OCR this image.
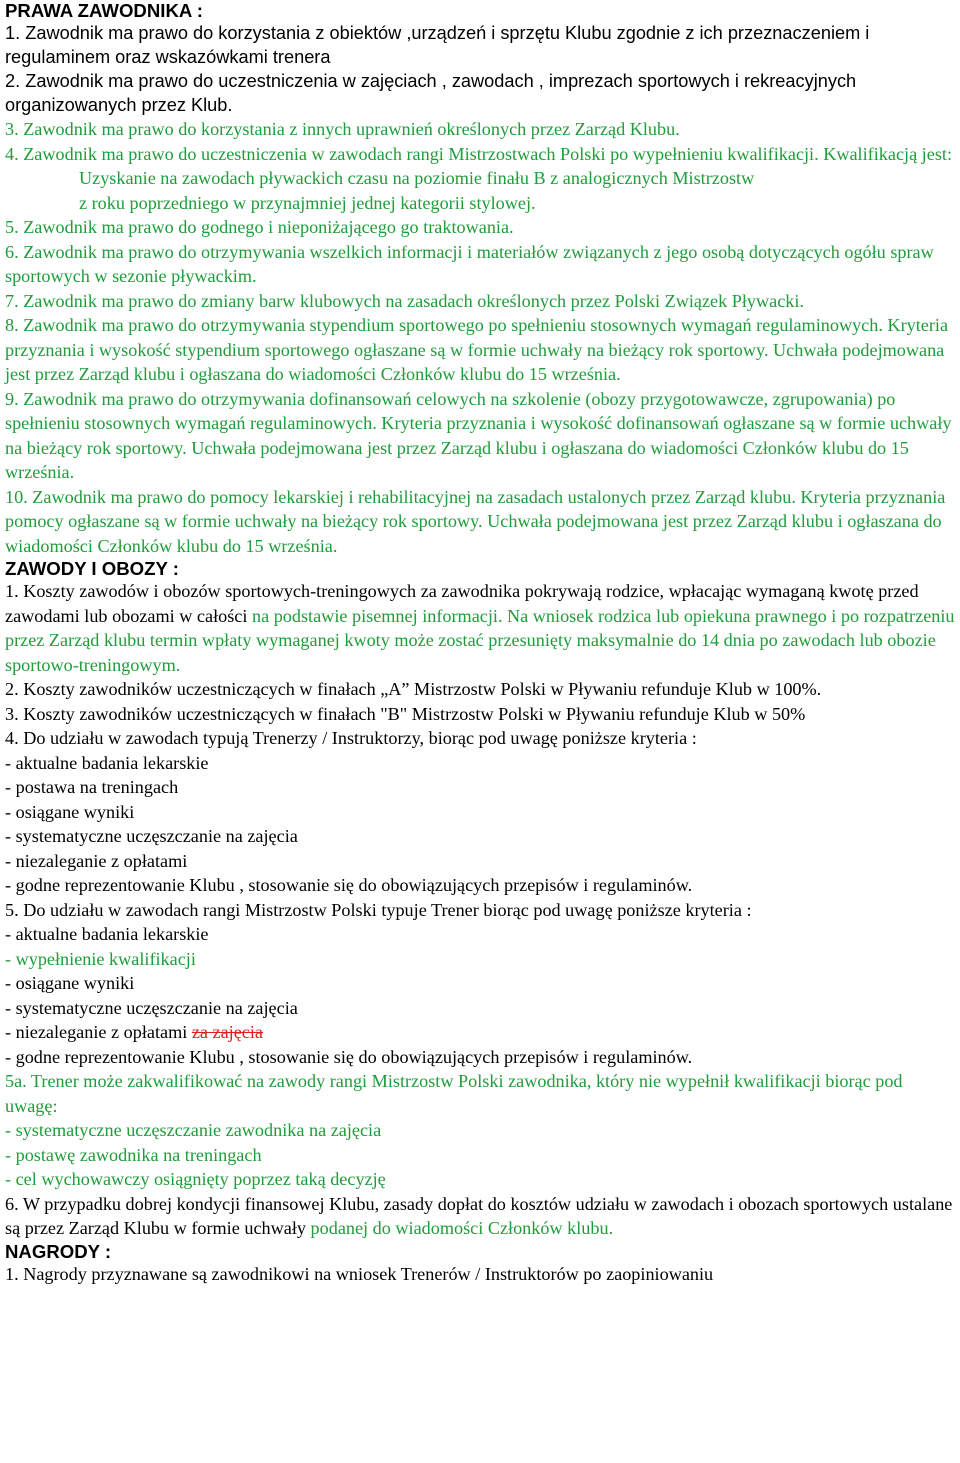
PRAWA ZAWODNIKA :
1. Zawodnik ma prawo do korzystania z obiektów ,urządzeń i sprzętu Klubu zgodnie z ich przeznaczeniem i regulaminem oraz wskazówkami trenera
2. Zawodnik ma prawo do uczestniczenia w zajęciach , zawodach , imprezach sportowych i rekreacyjnych organizowanych przez Klub.
3. Zawodnik ma prawo do korzystania z innych uprawnień określonych przez Zarząd Klubu.
4. Zawodnik ma prawo do uczestniczenia w zawodach rangi Mistrzostwach Polski po wypełnieniu kwalifikacji. Kwalifikacją jest:
Uzyskanie na zawodach pływackich czasu na poziomie finału B z analogicznych Mistrzostw
z roku poprzedniego w przynajmniej jednej kategorii stylowej.
5. Zawodnik ma prawo do godnego i nieponiżającego go traktowania.
6. Zawodnik ma prawo do otrzymywania wszelkich informacji i materiałów związanych z jego osobą dotyczących ogółu spraw sportowych w sezonie pływackim.
7. Zawodnik ma prawo do zmiany barw klubowych na zasadach określonych przez Polski Związek Pływacki.
8. Zawodnik ma prawo do otrzymywania stypendium sportowego po spełnieniu stosownych wymagań regulaminowych. Kryteria przyznania i wysokość stypendium sportowego ogłaszane są w formie uchwały na bieżący rok sportowy. Uchwała podejmowana jest przez Zarząd klubu i ogłaszana do wiadomości Członków klubu do 15 września.
9. Zawodnik ma prawo do otrzymywania dofinansowań celowych na szkolenie (obozy przygotowawcze, zgrupowania) po spełnieniu stosownych wymagań regulaminowych. Kryteria przyznania i wysokość dofinansowań ogłaszane są w formie uchwały na bieżący rok sportowy. Uchwała podejmowana jest przez Zarząd klubu i ogłaszana do wiadomości Członków klubu do 15 września.
10. Zawodnik ma prawo do pomocy lekarskiej i rehabilitacyjnej na zasadach ustalonych przez Zarząd klubu. Kryteria przyznania pomocy ogłaszane są w formie uchwały na bieżący rok sportowy. Uchwała podejmowana jest przez Zarząd klubu i ogłaszana do wiadomości Członków klubu do 15 września.
ZAWODY I OBOZY :
1. Koszty zawodów i obozów sportowych-treningowych za zawodnika pokrywają rodzice, wpłacając wymaganą kwotę przed zawodami lub obozami w całości na podstawie pisemnej informacji. Na wniosek rodzica lub opiekuna prawnego i po rozpatrzeniu przez Zarząd klubu termin wpłaty wymaganej kwoty może zostać przesunięty maksymalnie do 14 dnia po zawodach lub obozie sportowo-treningowym.
2. Koszty zawodników uczestniczących w finałach „A” Mistrzostw Polski w Pływaniu refunduje Klub w 100%.
3. Koszty zawodników uczestniczących w finałach "B" Mistrzostw Polski w Pływaniu refunduje Klub w 50%
4. Do udziału w zawodach typują Trenerzy / Instruktorzy, biorąc pod uwagę poniższe kryteria :
- aktualne badania lekarskie
- postawa na treningach
- osiągane wyniki
- systematyczne uczęszczanie na zajęcia
- niezaleganie z opłatami
- godne reprezentowanie Klubu , stosowanie się do obowiązujących przepisów i regulaminów.
5. Do udziału w zawodach rangi Mistrzostw Polski typuje Trener biorąc pod uwagę poniższe kryteria :
- aktualne badania lekarskie
- wypełnienie kwalifikacji
- osiągane wyniki
- systematyczne uczęszczanie na zajęcia
- niezaleganie z opłatami za zajęcia
- godne reprezentowanie Klubu , stosowanie się do obowiązujących przepisów i regulaminów.
5a. Trener może zakwalifikować na zawody rangi Mistrzostw Polski zawodnika, który nie wypełnił kwalifikacji biorąc pod uwagę:
- systematyczne uczęszczanie zawodnika na zajęcia
- postawę zawodnika na treningach
- cel wychowawczy osiągnięty poprzez taką decyzję
6. W przypadku dobrej kondycji finansowej Klubu, zasady dopłat do kosztów udziału w zawodach i obozach sportowych ustalane są przez Zarząd Klubu w formie uchwały podanej do wiadomości Członków klubu.
NAGRODY :
1. Nagrody przyznawane są zawodnikowi na wniosek Trenerów / Instruktorów po zaopiniowaniu
